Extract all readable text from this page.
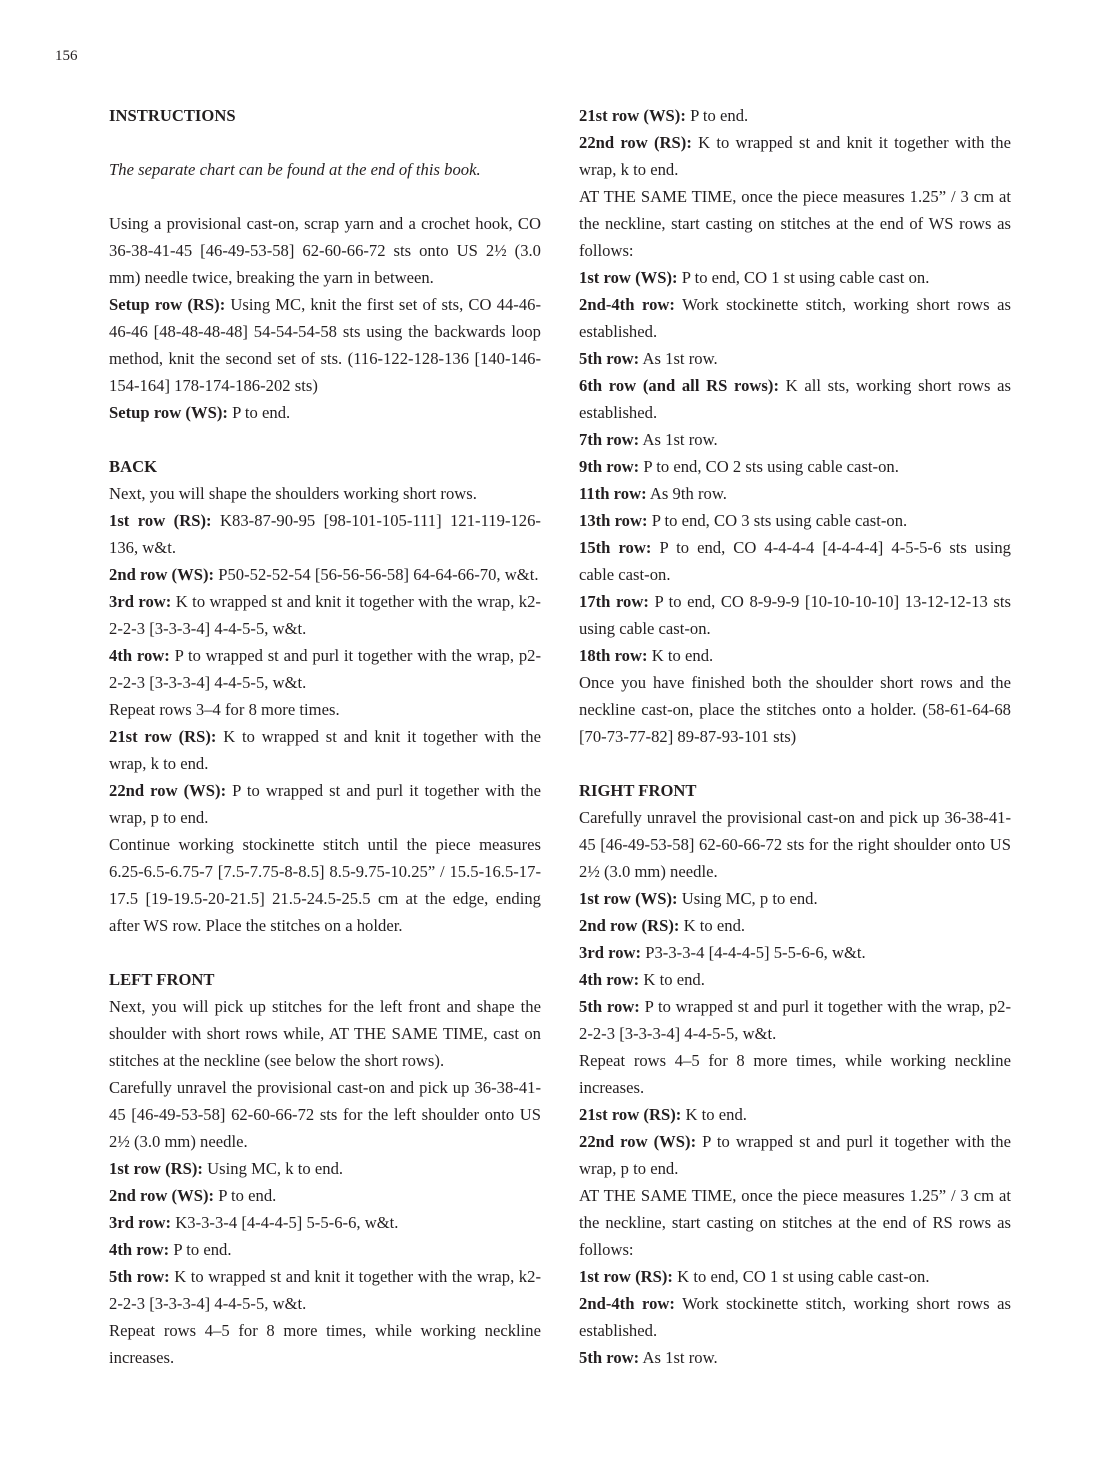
156

INSTRUCTIONS

The separate chart can be found at the end of this book.

Using a provisional cast-on, scrap yarn and a crochet hook, CO 36-38-41-45 [46-49-53-58] 62-60-66-72 sts onto US 2½ (3.0 mm) needle twice, breaking the yarn in between.

Setup row (RS): Using MC, knit the first set of sts, CO 44-46-46-46 [48-48-48-48] 54-54-54-58 sts using the backwards loop method, knit the second set of sts. (116-122-128-136 [140-146-154-164] 178-174-186-202 sts)

Setup row (WS): P to end.

BACK

Next, you will shape the shoulders working short rows.

1st row (RS): K83-87-90-95 [98-101-105-111] 121-119-126-136, w&t.

2nd row (WS): P50-52-52-54 [56-56-56-58] 64-64-66-70, w&t.

3rd row: K to wrapped st and knit it together with the wrap, k2-2-2-3 [3-3-3-4] 4-4-5-5, w&t.

4th row: P to wrapped st and purl it together with the wrap, p2-2-2-3 [3-3-3-4] 4-4-5-5, w&t.

Repeat rows 3–4 for 8 more times.

21st row (RS): K to wrapped st and knit it together with the wrap, k to end.

22nd row (WS): P to wrapped st and purl it together with the wrap, p to end.

Continue working stockinette stitch until the piece measures 6.25-6.5-6.75-7 [7.5-7.75-8-8.5] 8.5-9.75-10.25” / 15.5-16.5-17-17.5 [19-19.5-20-21.5] 21.5-24.5-25.5 cm at the edge, ending after WS row. Place the stitches on a holder.

LEFT FRONT

Next, you will pick up stitches for the left front and shape the shoulder with short rows while, AT THE SAME TIME, cast on stitches at the neckline (see below the short rows).

Carefully unravel the provisional cast-on and pick up 36-38-41-45 [46-49-53-58] 62-60-66-72 sts for the left shoulder onto US 2½ (3.0 mm) needle.

1st row (RS): Using MC, k to end.

2nd row (WS): P to end.

3rd row: K3-3-3-4 [4-4-4-5] 5-5-6-6, w&t.

4th row: P to end.

5th row: K to wrapped st and knit it together with the wrap, k2-2-2-3 [3-3-3-4] 4-4-5-5, w&t.

Repeat rows 4–5 for 8 more times, while working neckline increases.

21st row (WS): P to end.

22nd row (RS): K to wrapped st and knit it together with the wrap, k to end.

AT THE SAME TIME, once the piece measures 1.25” / 3 cm at the neckline, start casting on stitches at the end of WS rows as follows:

1st row (WS): P to end, CO 1 st using cable cast on.

2nd-4th row: Work stockinette stitch, working short rows as established.

5th row: As 1st row.

6th row (and all RS rows): K all sts, working short rows as established.

7th row: As 1st row.

9th row: P to end, CO 2 sts using cable cast-on.

11th row: As 9th row.

13th row: P to end, CO 3 sts using cable cast-on.

15th row: P to end, CO 4-4-4-4 [4-4-4-4] 4-5-5-6 sts using cable cast-on.

17th row: P to end, CO 8-9-9-9 [10-10-10-10] 13-12-12-13 sts using cable cast-on.

18th row: K to end.

Once you have finished both the shoulder short rows and the neckline cast-on, place the stitches onto a holder. (58-61-64-68 [70-73-77-82] 89-87-93-101 sts)

RIGHT FRONT

Carefully unravel the provisional cast-on and pick up 36-38-41-45 [46-49-53-58] 62-60-66-72 sts for the right shoulder onto US 2½ (3.0 mm) needle.

1st row (WS): Using MC, p to end.

2nd row (RS): K to end.

3rd row: P3-3-3-4 [4-4-4-5] 5-5-6-6, w&t.

4th row: K to end.

5th row: P to wrapped st and purl it together with the wrap, p2-2-2-3 [3-3-3-4] 4-4-5-5, w&t.

Repeat rows 4–5 for 8 more times, while working neckline increases.

21st row (RS): K to end.

22nd row (WS): P to wrapped st and purl it together with the wrap, p to end.

AT THE SAME TIME, once the piece measures 1.25” / 3 cm at the neckline, start casting on stitches at the end of RS rows as follows:

1st row (RS): K to end, CO 1 st using cable cast-on.

2nd-4th row: Work stockinette stitch, working short rows as established.

5th row: As 1st row.
